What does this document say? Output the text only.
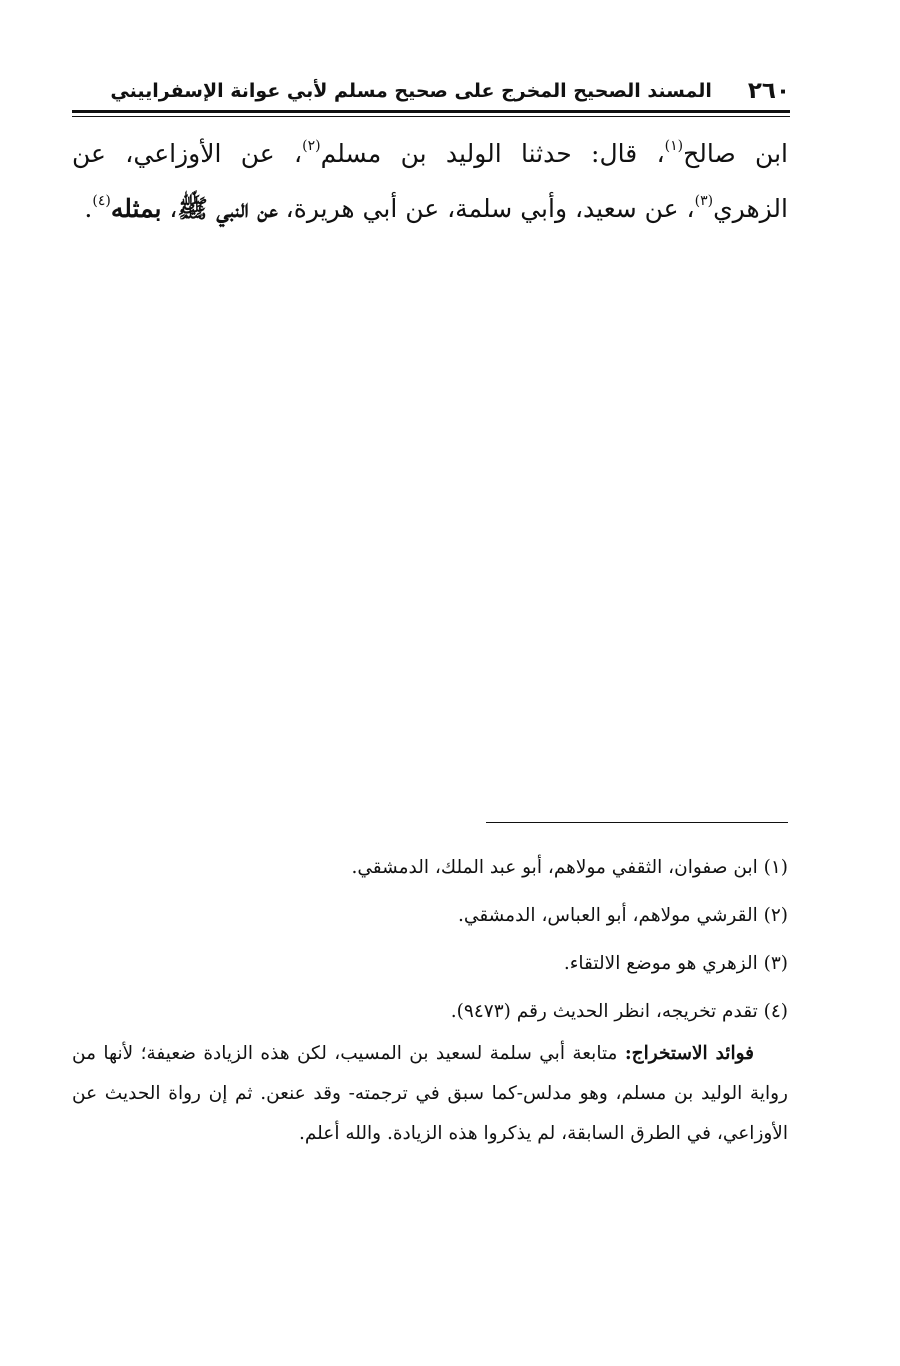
٢٦٠
المسند الصحيح المخرج على صحيح مسلم لأبي عوانة الإسفراييني
ابن صالح$^{(١)}$، قال: حدثنا الوليد بن مسلم$^{(٢)}$، عن الأوزاعي، عن الزهري$^{(٣)}$، عن سعيد، وأبي سلمة، عن أبي هريرة، عن النبي ﷺ، بمثله$^{(٤)}$.
(١) ابن صفوان، الثقفي مولاهم، أبو عبد الملك، الدمشقي.
(٢) القرشي مولاهم، أبو العباس، الدمشقي.
(٣) الزهري هو موضع الالتقاء.
(٤) تقدم تخريجه، انظر الحديث رقم (٩٤٧٣).
فوائد الاستخراج: متابعة أبي سلمة لسعيد بن المسيب، لكن هذه الزيادة ضعيفة؛ لأنها من رواية الوليد بن مسلم، وهو مدلس-كما سبق في ترجمته- وقد عنعن. ثم إن رواة الحديث عن الأوزاعي، في الطرق السابقة، لم يذكروا هذه الزيادة. والله أعلم.
